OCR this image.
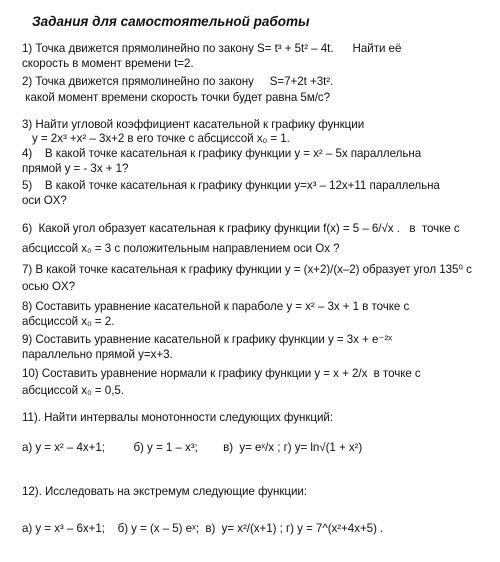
Задания для самостоятельной работы
1) Точка движется прямолинейно по закону S= t³ + 5t² – 4t.      Найти её
скорость в момент времени t=2.
2) Точка движется прямолинейно по закону     S=7+2t +3t².
какой момент времени скорость точки будет равна 5м/с?
3) Найти угловой коэффициент касательной к графику функции
y = 2x³ +x² – 3x+2 в его точке с абсциссой x₀ = 1.
4)    В какой точке касательная к графику функции y = x² – 5x параллельна
прямой y = - 3x + 1?
5)    В какой точке касательная к графику функции y=x³ – 12x+11 параллельна
оси OX?
6)  Какой угол образует касательная к графику функции f(x) = 5 – 6/√x .   в  точке с
абсциссой x₀ = 3 с положительным направлением оси Ox ?
7) В какой точке касательная к графику функции y = (x+2)/(x–2) образует угол 135⁰ с
осью OX?
8) Составить уравнение касательной к параболе y = x² – 3x + 1 в точке с
абсциссой x₀ = 2.
9) Составить уравнение касательной к графику функции y = 3x + e⁻²ˣ
параллельно прямой y=x+3.
10) Составить уравнение нормали к графику функции y = x + 2/x  в точке с
абсциссой x₀ = 0,5.
11). Найти интервалы монотонности следующих функций:
а) y = x² – 4x+1;         б) y = 1 – x³;        в)  y= eˣ/x ; г) y= ln√(1 + x²)
12). Исследовать на экстремум следующие функции:
а) y = x³ – 6x+1;    б) y = (x – 5) eˣ;  в)  y= x²/(x+1) ; г) y = 7^(x²+4x+5) .
